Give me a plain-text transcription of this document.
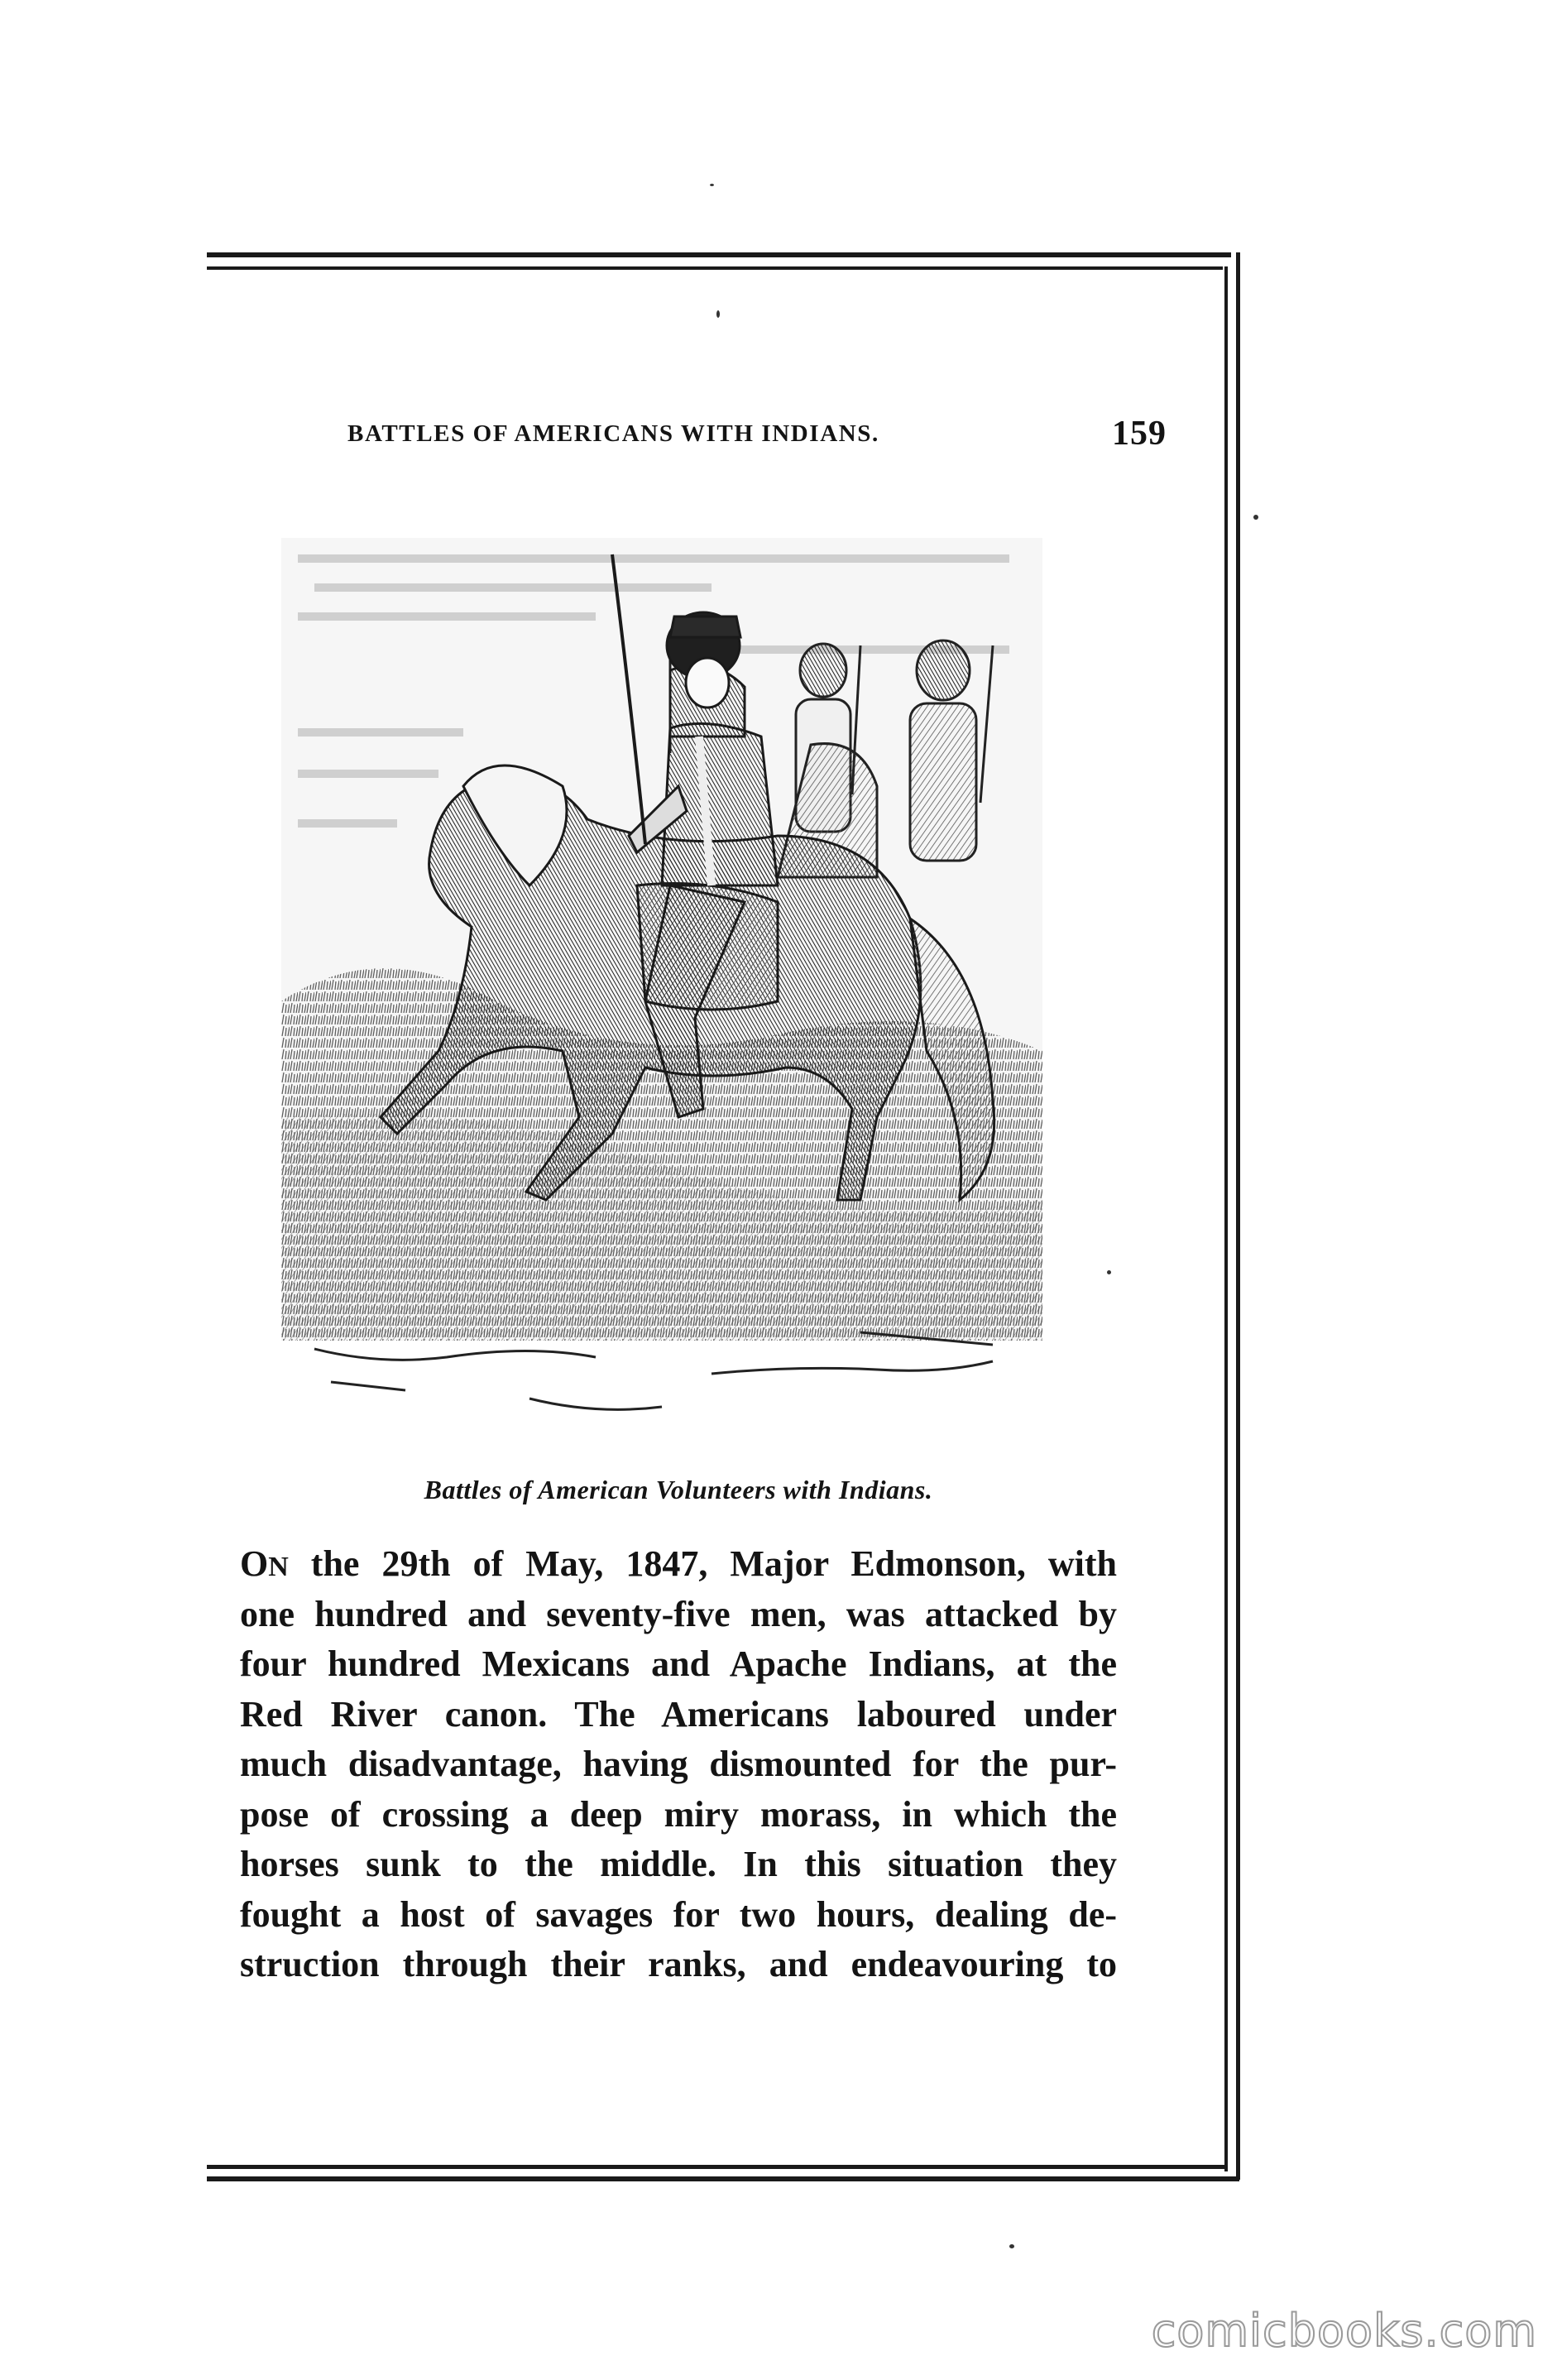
BATTLES OF AMERICANS WITH INDIANS.	159
Battles of American Volunteers with Indians.
ON the 29th of May, 1847, Major Edmonson, with
one hundred and seventy-five men, was attacked by
four hundred Mexicans and Apache Indians, at the
Red River canon. The Americans laboured under
much disadvantage, having dismounted for the pur-
pose of crossing a deep miry morass, in which the
horses sunk to the middle. In this situation they
fought a host of savages for two hours, dealing de-
struction through their ranks, and endeavouring to
comicbooks.com
